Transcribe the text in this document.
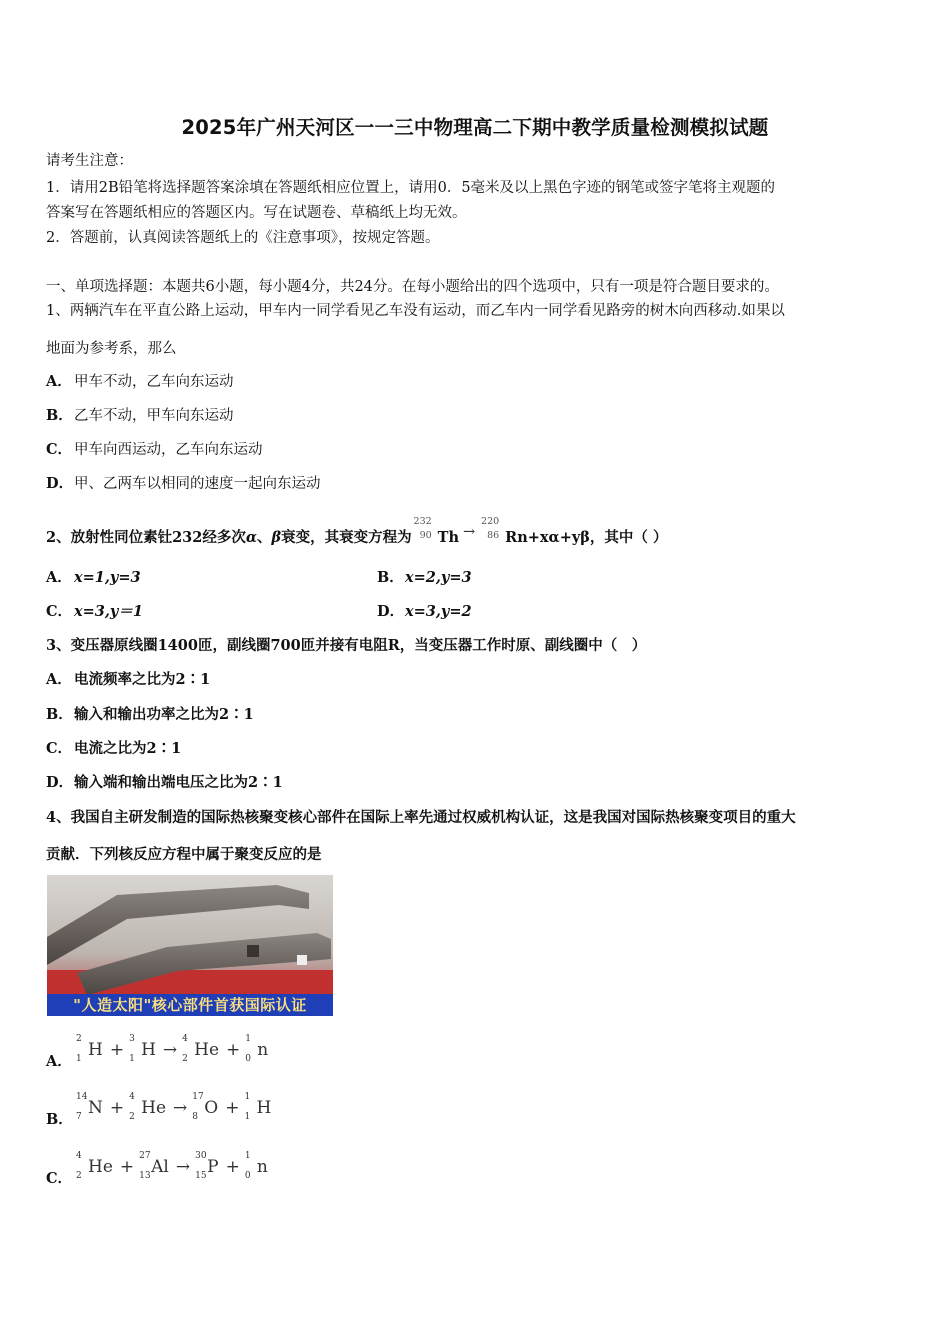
2025年广州天河区一一三中物理高二下期中教学质量检测模拟试题
请考生注意：
1．请用2B铅笔将选择题答案涂填在答题纸相应位置上，请用0．5毫米及以上黑色字迹的钢笔或签字笔将主观题的
答案写在答题纸相应的答题区内。写在试题卷、草稿纸上均无效。
2．答题前，认真阅读答题纸上的《注意事项》，按规定答题。
一、单项选择题：本题共6小题，每小题4分，共24分。在每小题给出的四个选项中，只有一项是符合题目要求的。
1、两辆汽车在平直公路上运动，甲车内一同学看见乙车没有运动，而乙车内一同学看见路旁的树木向西移动.如果以
地面为参考系，那么
A． 甲车不动，乙车向东运动
B．乙车不动，甲车向东运动
C． 甲车向西运动，乙车向东运动
D．甲、乙两车以相同的速度一起向东运动
2、放射性同位素钍232经多次α、β衰变，其衰变方程为
232
90 Th →
220
86 Rn+xα+yβ，其中（ ）
A． x=1,y=3	B．x=2,y=3
C． x=3,y＝1	D．x=3,y=2
3、变压器原线圈1400匝，副线圈700匝并接有电阻R，当变压器工作时原、副线圈中（　）
A． 电流频率之比为2∶1
B．输入和输出功率之比为2∶1
C． 电流之比为2∶1
D．输入端和输出端电压之比为2∶1
4、我国自主研发制造的国际热核聚变核心部件在国际上率先通过权威机构认证，这是我国对国际热核聚变项目的重大
贡献．下列核反应方程中属于聚变反应的是
"人造太阳"核心部件首获国际认证
A．
2
1 H +
3
1 H →
4
2 He +
1
0 n
B．
14
7 N +
4
2 He →
17
8 O +
1
1 H
C．
4
2 He +
27
13 Al →
30
15 P +
1
0 n
